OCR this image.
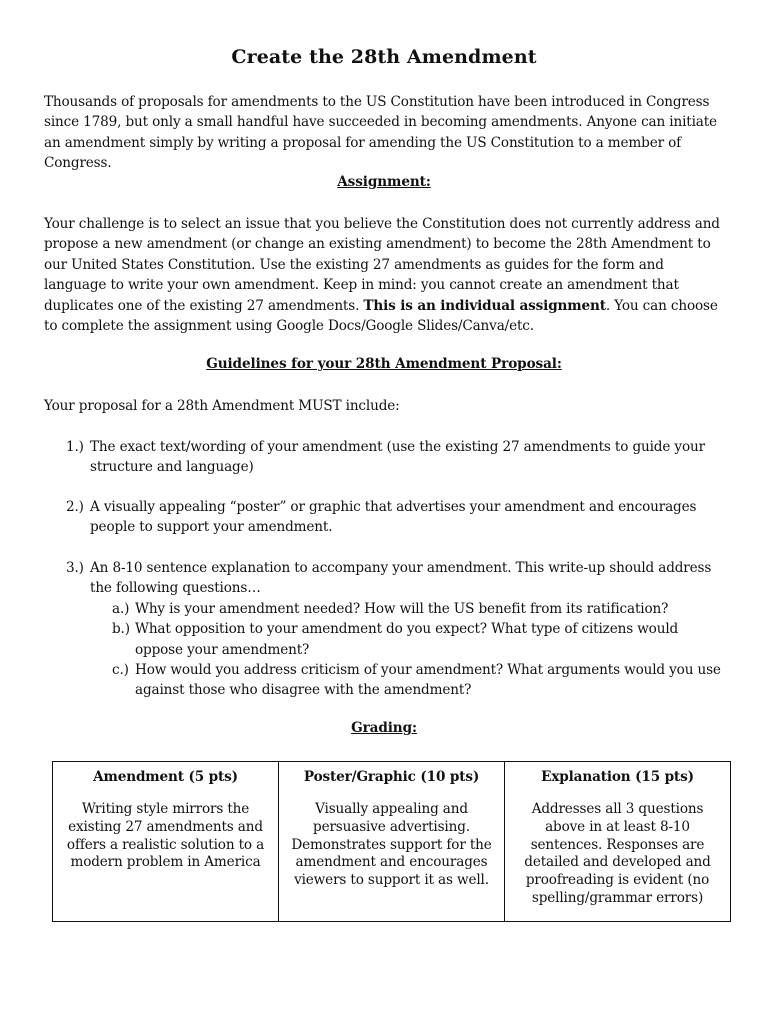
Create the 28th Amendment
Thousands of proposals for amendments to the US Constitution have been introduced in Congress since 1789, but only a small handful have succeeded in becoming amendments. Anyone can initiate an amendment simply by writing a proposal for amending the US Constitution to a member of Congress.
Assignment:
Your challenge is to select an issue that you believe the Constitution does not currently address and propose a new amendment (or change an existing amendment) to become the 28th Amendment to our United States Constitution. Use the existing 27 amendments as guides for the form and language to write your own amendment. Keep in mind: you cannot create an amendment that duplicates one of the existing 27 amendments. This is an individual assignment. You can choose to complete the assignment using Google Docs/Google Slides/Canva/etc.
Guidelines for your 28th Amendment Proposal:
Your proposal for a 28th Amendment MUST include:
1.) The exact text/wording of your amendment (use the existing 27 amendments to guide your structure and language)
2.) A visually appealing “poster” or graphic that advertises your amendment and encourages people to support your amendment.
3.) An 8-10 sentence explanation to accompany your amendment. This write-up should address the following questions…
a.) Why is your amendment needed? How will the US benefit from its ratification?
b.) What opposition to your amendment do you expect? What type of citizens would oppose your amendment?
c.) How would you address criticism of your amendment? What arguments would you use against those who disagree with the amendment?
Grading:
Amendment (5 pts)	Poster/Graphic (10 pts)	Explanation (15 pts)
Writing style mirrors the existing 27 amendments and offers a realistic solution to a modern problem in America	Visually appealing and persuasive advertising. Demonstrates support for the amendment and encourages viewers to support it as well.	Addresses all 3 questions above in at least 8-10 sentences. Responses are detailed and developed and proofreading is evident (no spelling/grammar errors)
